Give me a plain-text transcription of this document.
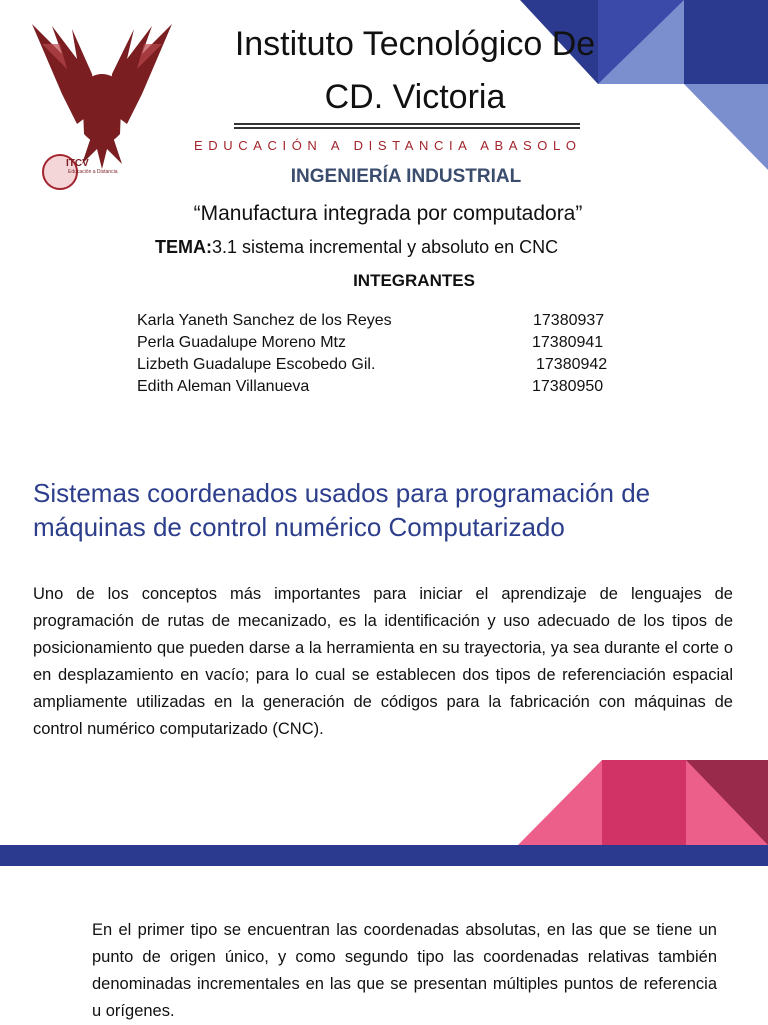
ITCV
Educación a Distancia
Instituto Tecnológico De
CD. Victoria
EDUCACIÓN A DISTANCIA ABASOLO
INGENIERÍA INDUSTRIAL
“Manufactura integrada por computadora”
TEMA:3.1 sistema incremental y absoluto en CNC
INTEGRANTES
Karla Yaneth Sanchez de los Reyes	17380937
Perla Guadalupe Moreno Mtz	17380941
Lizbeth Guadalupe Escobedo Gil.	17380942
Edith Aleman Villanueva	17380950
Sistemas coordenados usados para programación de máquinas de control numérico Computarizado
Uno de los conceptos más importantes para iniciar el aprendizaje de lenguajes de programación de rutas de mecanizado, es la identificación y uso adecuado de los tipos de posicionamiento que pueden darse a la herramienta en su trayectoria, ya sea durante el corte o en desplazamiento en vacío; para lo cual se establecen dos tipos de referenciación espacial ampliamente utilizadas en la generación de códigos para la fabricación con máquinas de control numérico computarizado (CNC).
En el primer tipo se encuentran las coordenadas absolutas, en las que se tiene un punto de origen único, y como segundo tipo las coordenadas relativas también denominadas incrementales en las que se presentan múltiples puntos de referencia u orígenes.
